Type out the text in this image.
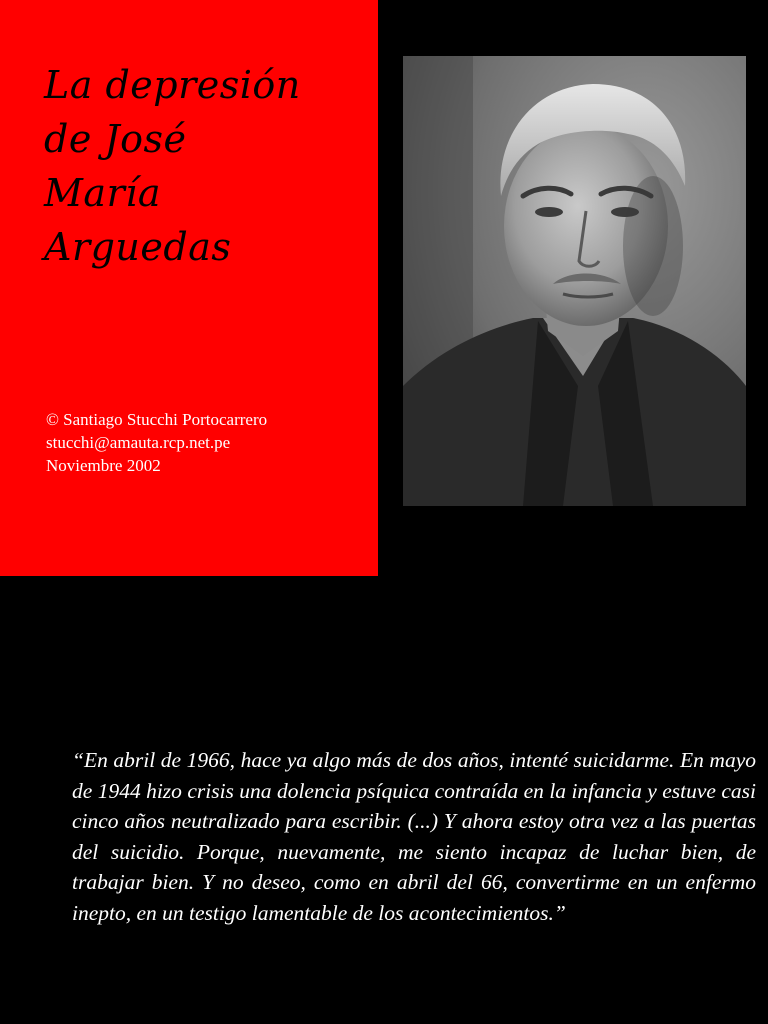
La depresión
de José
María
Arguedas
© Santiago Stucchi Portocarrero
stucchi@amauta.rcp.net.pe
Noviembre 2002

“En abril de 1966, hace ya algo más de dos años, intenté suicidarme. En mayo de 1944 hizo crisis una dolencia psíquica contraída en la infancia y estuve casi cinco años neutralizado para escribir. (...) Y ahora estoy otra vez a las puertas del suicidio. Porque, nuevamente, me siento incapaz de luchar bien, de trabajar bien. Y no deseo, como en abril del 66, convertirme en un enfermo inepto, en un testigo lamentable de los acontecimientos.”
